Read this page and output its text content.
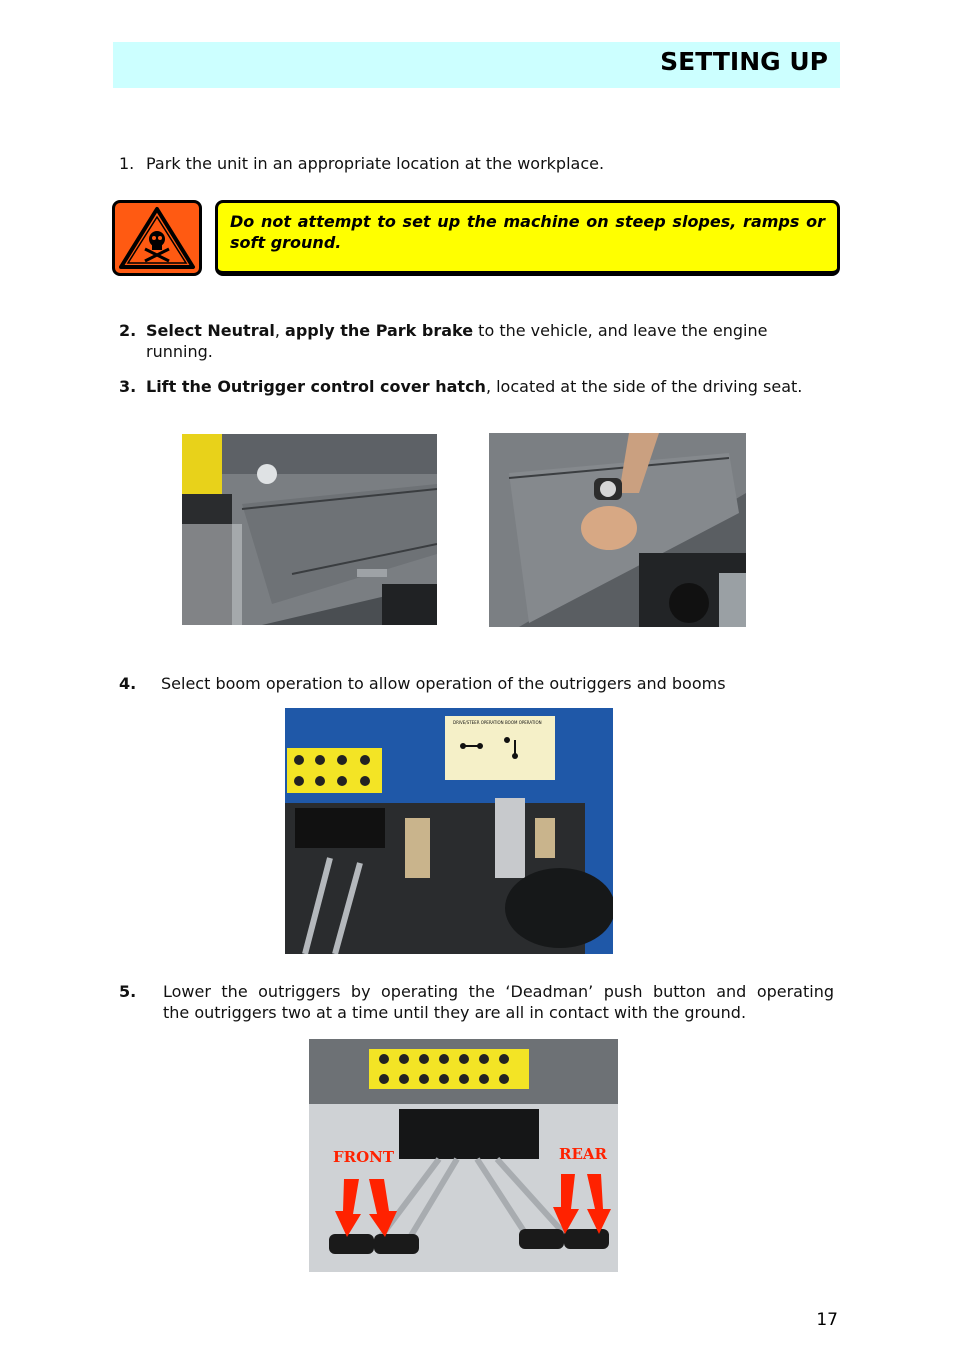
SETTING UP
1. Park the unit in an appropriate location at the workplace.
Do not attempt to set up the machine on steep slopes, ramps or soft ground.
2. Select Neutral, apply the Park brake to the vehicle, and leave the engine
running.
3. Lift the Outrigger control cover hatch, located at the side of the driving seat.
4. Select boom operation to allow operation of the outriggers and booms
DRIVE/STEER OPERATION BOOM OPERATION
5. Lower the outriggers by operating the ‘Deadman’ push button and operating
the outriggers two at a time until they are all in contact with the ground.
FRONT	REAR
17
